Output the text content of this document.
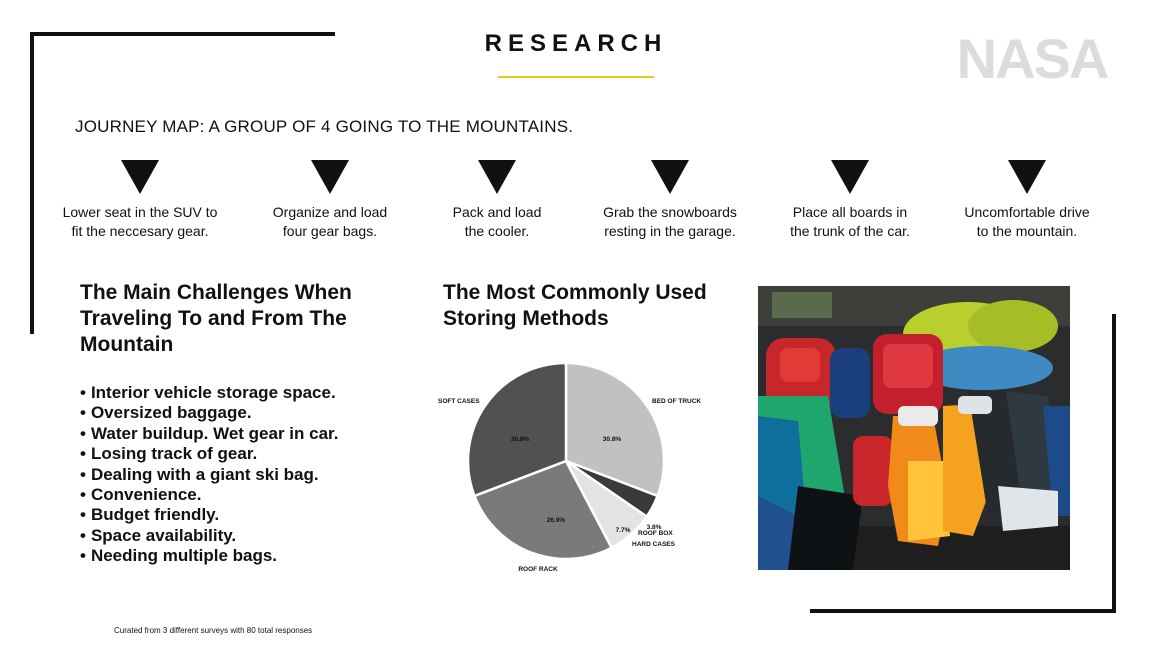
RESEARCH	NASA
JOURNEY MAP: A GROUP OF 4 GOING TO THE MOUNTAINS.
Lower seat in the SUV to
fit the neccesary gear.
Organize and load
four gear bags.
Pack and load
the cooler.
Grab the snowboards
resting in the garage.
Place all boards in
the trunk of the car.
Uncomfortable drive
to the mountain.
The Main Challenges When Traveling To and From The Mountain
• Interior vehicle storage space.
• Oversized baggage.
• Water buildup. Wet gear in car.
• Losing track of gear.
• Dealing with a giant ski bag.
• Convenience.
• Budget friendly.
• Space availability.
• Needing multiple bags.
The Most Commonly Used Storing Methods
BED OF TRUCK
30.8%
ROOF BOX
3.8%
HARD CASES
7.7%
ROOF RACK
26.9%
SOFT CASES
30.8%
Curated from 3 different surveys with 80 total responses
